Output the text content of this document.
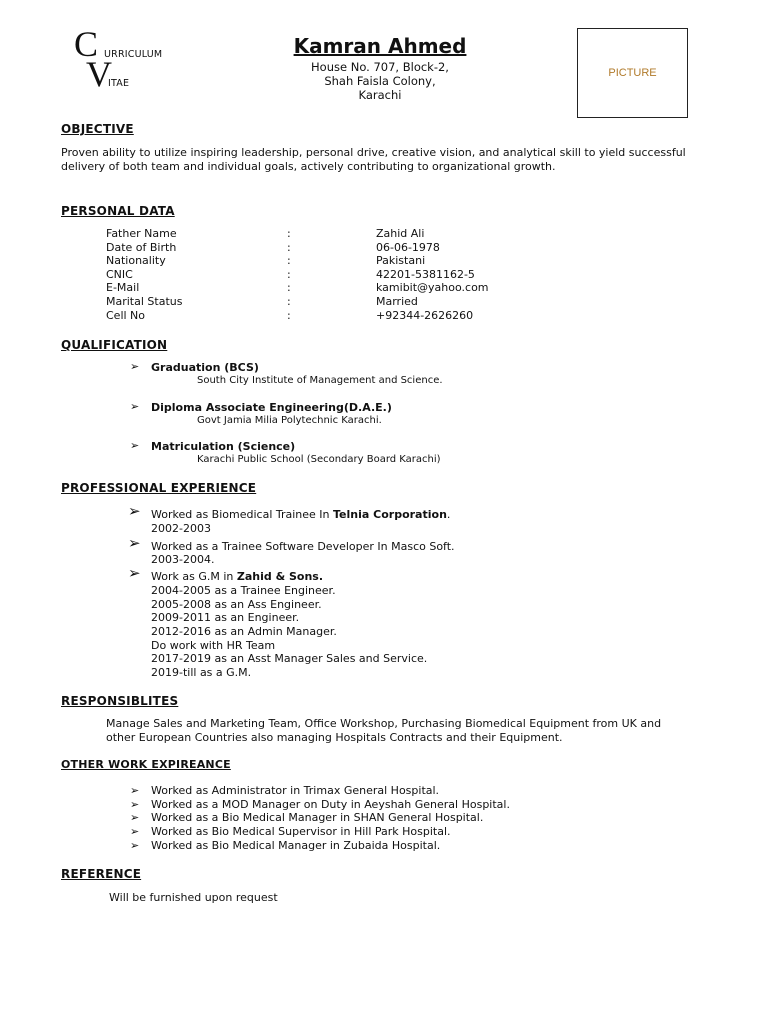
C URRICULUM
V
ITAE
Kamran Ahmed
House No. 707, Block-2,
Shah Faisla Colony,
Karachi
PICTURE
OBJECTIVE
Proven ability to utilize inspiring leadership, personal drive, creative vision, and analytical skill to yield successful
delivery of both team and individual goals, actively contributing to organizational growth.
PERSONAL DATA
Father Name	:	Zahid Ali
Date of Birth	:	06-06-1978
Nationality	:	Pakistani
CNIC	:	42201-5381162-5
E-Mail	:	kamibit@yahoo.com
Marital Status	:	Married
Cell No	:	+92344-2626260
QUALIFICATION
➢ Graduation (BCS)
South City Institute of Management and Science.
➢ Diploma Associate Engineering(D.A.E.)
Govt Jamia Milia Polytechnic Karachi.
➢ Matriculation (Science)
Karachi Public School (Secondary Board Karachi)
PROFESSIONAL EXPERIENCE
➢ Worked as Biomedical Trainee In Telnia Corporation.
2002-2003
➢ Worked as a Trainee Software Developer In Masco Soft.
2003-2004.
➢ Work as G.M in Zahid & Sons.
2004-2005 as a Trainee Engineer.
2005-2008 as an Ass Engineer.
2009-2011 as an Engineer.
2012-2016 as an Admin Manager.
Do work with HR Team
2017-2019 as an Asst Manager Sales and Service.
2019-till as a G.M.
RESPONSIBLITES
Manage Sales and Marketing Team, Office Workshop, Purchasing Biomedical Equipment from UK and
other European Countries also managing Hospitals Contracts and their Equipment.
OTHER WORK EXPIREANCE
➢ Worked as Administrator in Trimax General Hospital.
➢ Worked as a MOD Manager on Duty in Aeyshah General Hospital.
➢ Worked as a Bio Medical Manager in SHAN General Hospital.
➢ Worked as Bio Medical Supervisor in Hill Park Hospital.
➢ Worked as Bio Medical Manager in Zubaida Hospital.
REFERENCE
Will be furnished upon request
